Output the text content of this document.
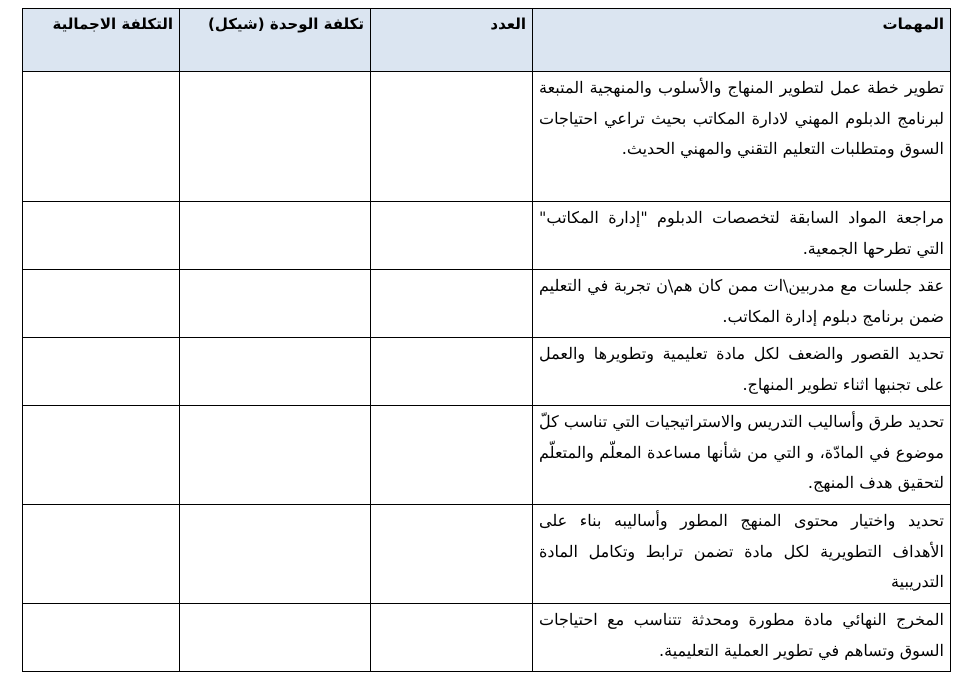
المهمات	العدد	تكلفة الوحدة (شيكل)	التكلفة الاجمالية
تطوير خطة عمل لتطوير المنهاج والأسلوب والمنهجية المتبعة لبرنامج الدبلوم المهني لادارة المكاتب بحيث تراعي احتياجات السوق ومتطلبات التعليم التقني والمهني الحديث.			
مراجعة المواد السابقة لتخصصات الدبلوم "إدارة المكاتب" التي تطرحها الجمعية.			
عقد جلسات مع مدربين\ات ممن كان هم\ن تجربة في التعليم ضمن برنامج دبلوم إدارة المكاتب.			
تحديد القصور والضعف لكل مادة تعليمية وتطويرها والعمل على تجنبها اثناء تطوير المنهاج.			
تحديد طرق وأساليب التدريس والاستراتيجيات التي تناسب كلّ موضوع في المادّة، و التي من شأنها مساعدة المعلّم والمتعلّم لتحقيق هدف المنهج.			
تحديد واختيار محتوى المنهج المطور وأساليبه بناء على الأهداف التطويرية لكل مادة تضمن ترابط وتكامل المادة التدريبية			
المخرج النهائي مادة مطورة ومحدثة تتناسب مع احتياجات السوق وتساهم في تطوير العملية التعليمية.			
